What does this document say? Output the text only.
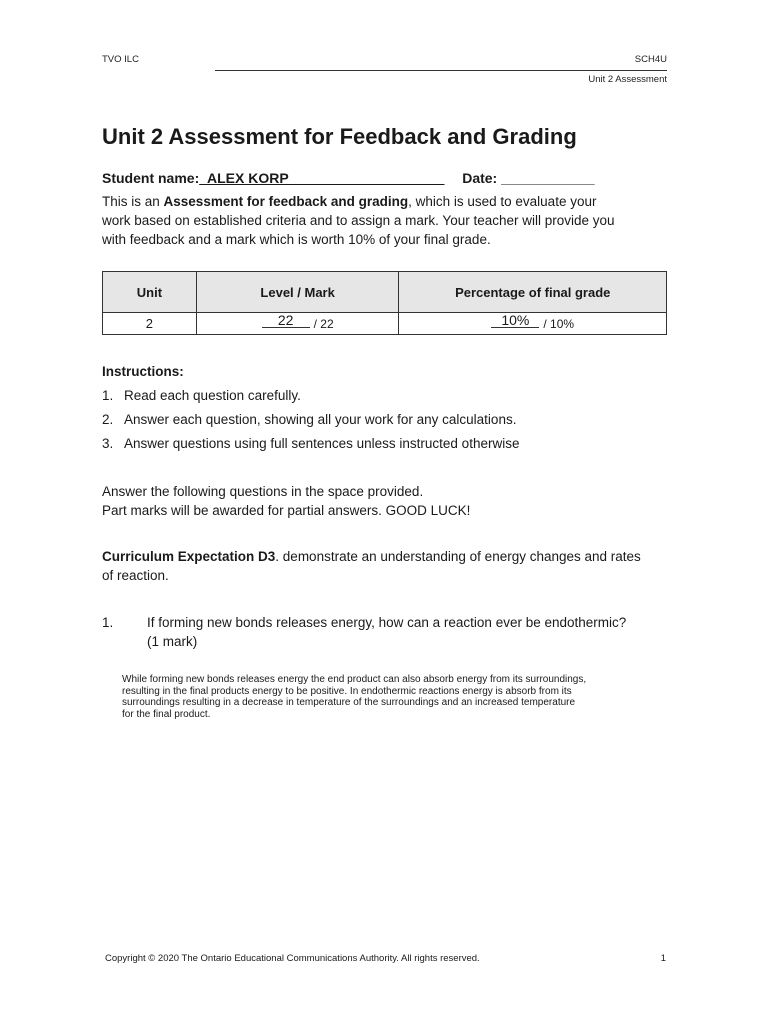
TVO ILC	SCH4U
Unit 2 Assessment
Unit 2 Assessment for Feedback and Grading
Student name:_ALEX KORP____________________ Date: ____________
This is an Assessment for feedback and grading, which is used to evaluate your
work based on established criteria and to assign a mark. Your teacher will provide you
with feedback and a mark which is worth 10% of your final grade.
Unit	Level / Mark	Percentage of final grade
2	22 / 22	10% / 10%
Instructions:
1. Read each question carefully.
2. Answer each question, showing all your work for any calculations.
3. Answer questions using full sentences unless instructed otherwise
Answer the following questions in the space provided.
Part marks will be awarded for partial answers. GOOD LUCK!
Curriculum Expectation D3. demonstrate an understanding of energy changes and rates
of reaction.
1. If forming new bonds releases energy, how can a reaction ever be endothermic?
(1 mark)
While forming new bonds releases energy the end product can also absorb energy from its surroundings,
resulting in the final products energy to be positive. In endothermic reactions energy is absorb from its
surroundings resulting in a decrease in temperature of the surroundings and an increased temperature
for the final product.
Copyright © 2020 The Ontario Educational Communications Authority. All rights reserved.	1
